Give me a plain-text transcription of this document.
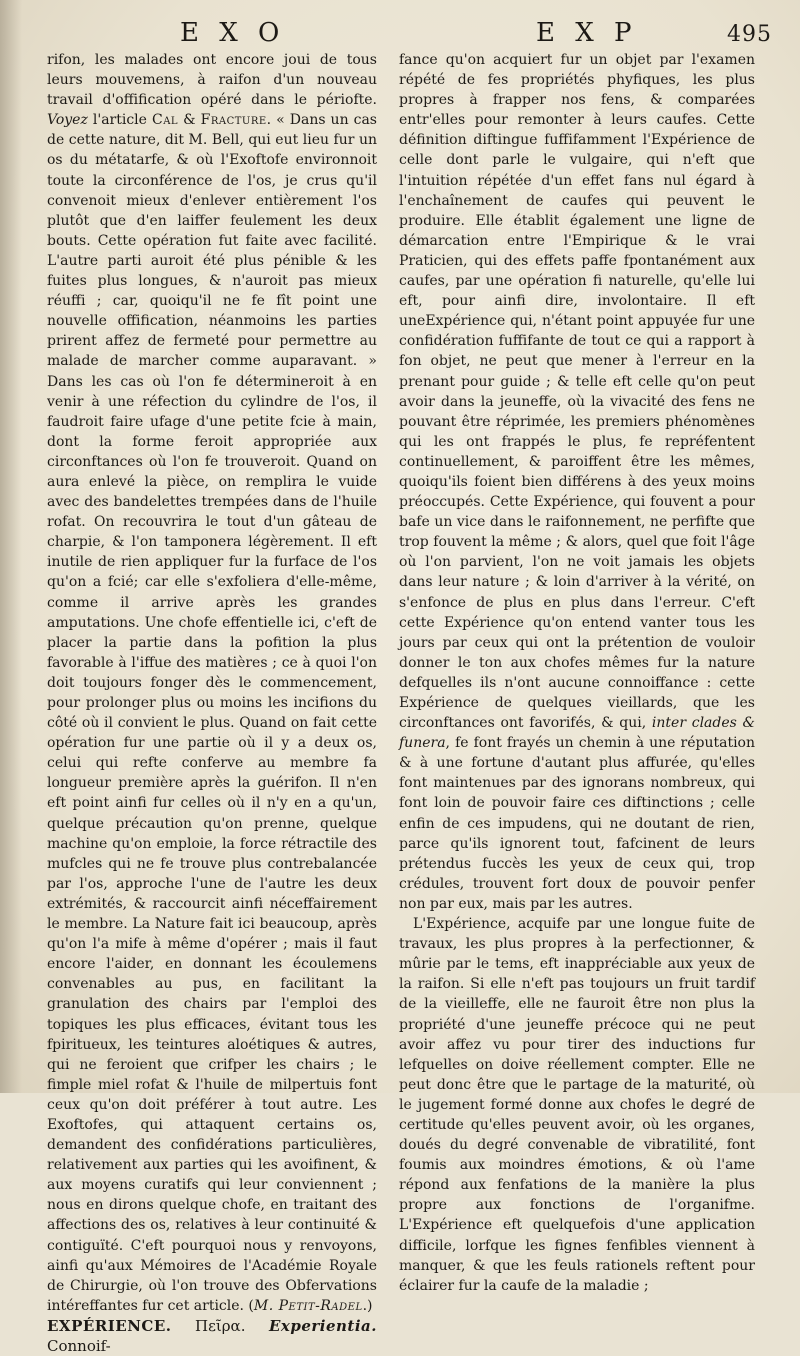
E X O	E X P	495

rifon, les malades ont encore joui de tous leurs mouvemens, à raifon d'un nouveau travail d'offification opéré dans le périofte. Voyez l'article Cal & Fracture. « Dans un cas de cette nature, dit M. Bell, qui eut lieu fur un os du métatarfe, & où l'Exoftofe environnoit toute la circonférence de l'os, je crus qu'il convenoit mieux d'enlever entièrement l'os plutôt que d'en laiffer feulement les deux bouts. Cette opération fut faite avec facilité. L'autre parti auroit été plus pénible & les fuites plus longues, & n'auroit pas mieux réuffi ; car, quoiqu'il ne fe fît point une nouvelle offification, néanmoins les parties prirent affez de fermeté pour permettre au malade de marcher comme auparavant. » Dans les cas où l'on fe détermineroit à en venir à une réfection du cylindre de l'os, il faudroit faire ufage d'une petite fcie à main, dont la forme feroit appropriée aux circonftances où l'on fe trouveroit. Quand on aura enlevé la pièce, on remplira le vuide avec des bandelettes trempées dans de l'huile rofat. On recouvrira le tout d'un gâteau de charpie, & l'on tamponera légèrement. Il eft inutile de rien appliquer fur la furface de l'os qu'on a fcié; car elle s'exfoliera d'elle-même, comme il arrive après les grandes amputations. Une chofe effentielle ici, c'eft de placer la partie dans la pofition la plus favorable à l'iffue des matières ; ce à quoi l'on doit toujours fonger dès le commencement, pour prolonger plus ou moins les incifions du côté où il convient le plus. Quand on fait cette opération fur une partie où il y a deux os, celui qui refte conferve au membre fa longueur première après la guérifon. Il n'en eft point ainfi fur celles où il n'y en a qu'un, quelque précaution qu'on prenne, quelque machine qu'on emploie, la force rétractile des mufcles qui ne fe trouve plus contrebalancée par l'os, approche l'une de l'autre les deux extrémités, & raccourcit ainfi néceffairement le membre. La Nature fait ici beaucoup, après qu'on l'a mife à même d'opérer ; mais il faut encore l'aider, en donnant les écoulemens convenables au pus, en facilitant la granulation des chairs par l'emploi des topiques les plus efficaces, évitant tous les fpiritueux, les teintures aloétiques & autres, qui ne feroient que crifper les chairs ; le fimple miel rofat & l'huile de milpertuis font ceux qu'on doit préférer à tout autre. Les Exoftofes, qui attaquent certains os, demandent des confidérations particulières, relativement aux parties qui les avoifinent, & aux moyens curatifs qui leur conviennent ; nous en dirons quelque chofe, en traitant des affections des os, relatives à leur continuité & contiguïté. C'eft pourquoi nous y renvoyons, ainfi qu'aux Mémoires de l'Académie Royale de Chirurgie, où l'on trouve des Obfervations intéreffantes fur cet article. (M. Petit-Radel.)

EXPÉRIENCE. Πεῖρα. Experientia. Connoif-

fance qu'on acquiert fur un objet par l'examen répété de fes propriétés phyfiques, les plus propres à frapper nos fens, & comparées entr'elles pour remonter à leurs caufes. Cette définition diftingue fuffifamment l'Expérience de celle dont parle le vulgaire, qui n'eft que l'intuition répétée d'un effet fans nul égard à l'enchaînement de caufes qui peuvent le produire. Elle établit également une ligne de démarcation entre l'Empirique & le vrai Praticien, qui des effets paffe fpontanément aux caufes, par une opération fi naturelle, qu'elle lui eft, pour ainfi dire, involontaire. Il eft uneExpérience qui, n'étant point appuyée fur une confidération fuffifante de tout ce qui a rapport à fon objet, ne peut que mener à l'erreur en la prenant pour guide ; & telle eft celle qu'on peut avoir dans la jeuneffe, où la vivacité des fens ne pouvant être réprimée, les premiers phénomènes qui les ont frappés le plus, fe repréfentent continuellement, & paroiffent être les mêmes, quoiqu'ils foient bien différens à des yeux moins préoccupés. Cette Expérience, qui fouvent a pour bafe un vice dans le raifonnement, ne perfifte que trop fouvent la même ; & alors, quel que foit l'âge où l'on parvient, l'on ne voit jamais les objets dans leur nature ; & loin d'arriver à la vérité, on s'enfonce de plus en plus dans l'erreur. C'eft cette Expérience qu'on entend vanter tous les jours par ceux qui ont la prétention de vouloir donner le ton aux chofes mêmes fur la nature defquelles ils n'ont aucune connoiffance : cette Expérience de quelques vieillards, que les circonftances ont favorifés, & qui, inter clades & funera, fe font frayés un chemin à une réputation & à une fortune d'autant plus affurée, qu'elles font maintenues par des ignorans nombreux, qui font loin de pouvoir faire ces diftinctions ; celle enfin de ces impudens, qui ne doutant de rien, parce qu'ils ignorent tout, fafcinent de leurs prétendus fuccès les yeux de ceux qui, trop crédules, trouvent fort doux de pouvoir penfer non par eux, mais par les autres.

L'Expérience, acquife par une longue fuite de travaux, les plus propres à la perfectionner, & mûrie par le tems, eft inappréciable aux yeux de la raifon. Si elle n'eft pas toujours un fruit tardif de la vieilleffe, elle ne fauroit être non plus la propriété d'une jeuneffe précoce qui ne peut avoir affez vu pour tirer des inductions fur lefquelles on doive réellement compter. Elle ne peut donc être que le partage de la maturité, où le jugement formé donne aux chofes le degré de certitude qu'elles peuvent avoir, où les organes, doués du degré convenable de vibratilité, font foumis aux moindres émotions, & où l'ame répond aux fenfations de la manière la plus propre aux fonctions de l'organifme. L'Expérience eft quelquefois d'une application difficile, lorfque les fignes fenfibles viennent à manquer, & que les feuls rationels reftent pour éclairer fur la caufe de la maladie ;
